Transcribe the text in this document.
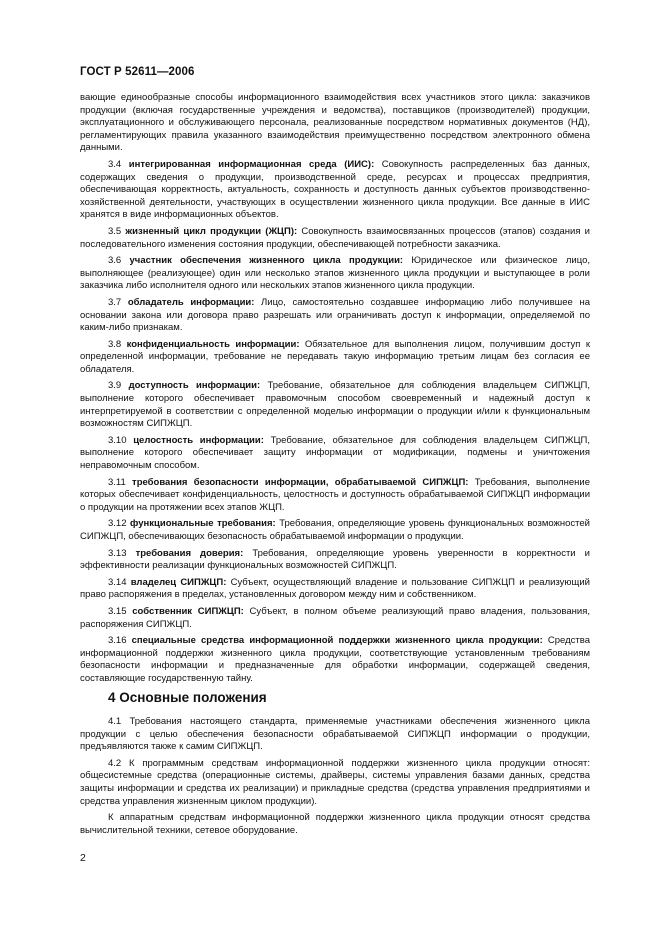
ГОСТ Р 52611—2006

вающие единообразные способы информационного взаимодействия всех участников этого цикла: заказчиков продукции (включая государственные учреждения и ведомства), поставщиков (производителей) продукции, эксплуатационного и обслуживающего персонала, реализованные посредством нормативных документов (НД), регламентирующих правила указанного взаимодействия преимущественно посредством электронного обмена данными.

3.4 интегрированная информационная среда (ИИС): Совокупность распределенных баз данных, содержащих сведения о продукции, производственной среде, ресурсах и процессах предприятия, обеспечивающая корректность, актуальность, сохранность и доступность данных субъектов производственно-хозяйственной деятельности, участвующих в осуществлении жизненного цикла продукции. Все данные в ИИС хранятся в виде информационных объектов.

3.5 жизненный цикл продукции (ЖЦП): Совокупность взаимосвязанных процессов (этапов) создания и последовательного изменения состояния продукции, обеспечивающей потребности заказчика.

3.6 участник обеспечения жизненного цикла продукции: Юридическое или физическое лицо, выполняющее (реализующее) один или несколько этапов жизненного цикла продукции и выступающее в роли заказчика либо исполнителя одного или нескольких этапов жизненного цикла продукции.

3.7 обладатель информации: Лицо, самостоятельно создавшее информацию либо получившее на основании закона или договора право разрешать или ограничивать доступ к информации, определяемой по каким-либо признакам.

3.8 конфиденциальность информации: Обязательное для выполнения лицом, получившим доступ к определенной информации, требование не передавать такую информацию третьим лицам без согласия ее обладателя.

3.9 доступность информации: Требование, обязательное для соблюдения владельцем СИПЖЦП, выполнение которого обеспечивает правомочным способом своевременный и надежный доступ к интерпретируемой в соответствии с определенной моделью информации о продукции и/или к функциональным возможностям СИПЖЦП.

3.10 целостность информации: Требование, обязательное для соблюдения владельцем СИПЖЦП, выполнение которого обеспечивает защиту информации от модификации, подмены и уничтожения неправомочным способом.

3.11 требования безопасности информации, обрабатываемой СИПЖЦП: Требования, выполнение которых обеспечивает конфиденциальность, целостность и доступность обрабатываемой СИПЖЦП информации о продукции на протяжении всех этапов ЖЦП.

3.12 функциональные требования: Требования, определяющие уровень функциональных возможностей СИПЖЦП, обеспечивающих безопасность обрабатываемой информации о продукции.

3.13 требования доверия: Требования, определяющие уровень уверенности в корректности и эффективности реализации функциональных возможностей СИПЖЦП.

3.14 владелец СИПЖЦП: Субъект, осуществляющий владение и пользование СИПЖЦП и реализующий право распоряжения в пределах, установленных договором между ним и собственником.

3.15 собственник СИПЖЦП: Субъект, в полном объеме реализующий право владения, пользования, распоряжения СИПЖЦП.

3.16 специальные средства информационной поддержки жизненного цикла продукции: Средства информационной поддержки жизненного цикла продукции, соответствующие установленным требованиям безопасности информации и предназначенные для обработки информации, содержащей сведения, составляющие государственную тайну.

4 Основные положения

4.1 Требования настоящего стандарта, применяемые участниками обеспечения жизненного цикла продукции с целью обеспечения безопасности обрабатываемой СИПЖЦП информации о продукции, предъявляются также к самим СИПЖЦП.

4.2 К программным средствам информационной поддержки жизненного цикла продукции относят: общесистемные средства (операционные системы, драйверы, системы управления базами данных, средства защиты информации и средства их реализации) и прикладные средства (средства управления предприятиями и средства управления жизненным циклом продукции).

К аппаратным средствам информационной поддержки жизненного цикла продукции относят средства вычислительной техники, сетевое оборудование.

2
